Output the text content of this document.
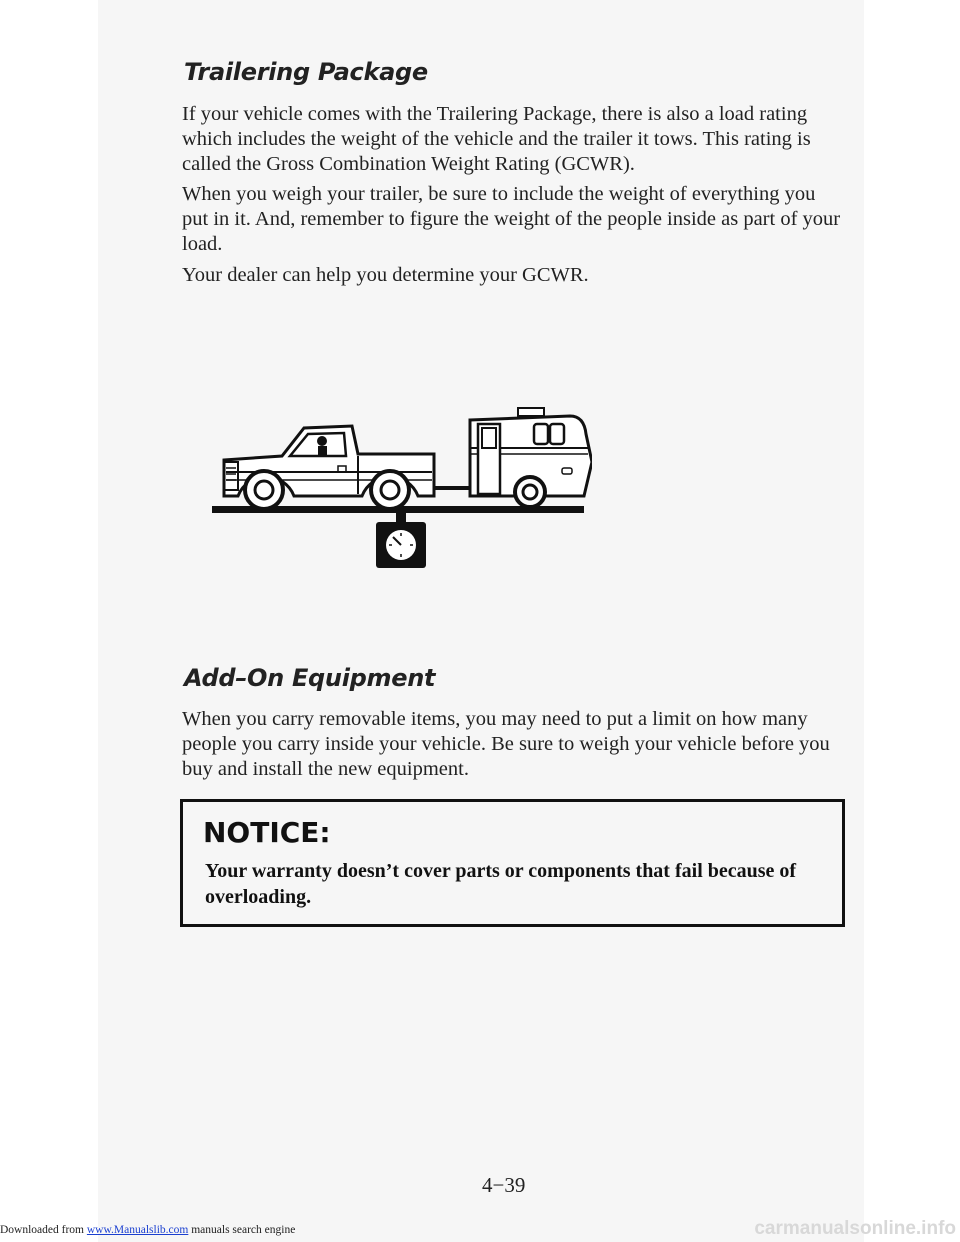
Trailering Package

If your vehicle comes with the Trailering Package, there is also a load rating which includes the weight of the vehicle and the trailer it tows. This rating is called the Gross Combination Weight Rating (GCWR).

When you weigh your trailer, be sure to include the weight of everything you put in it. And, remember to figure the weight of the people inside as part of your load.

Your dealer can help you determine your GCWR.

Add–On Equipment

When you carry removable items, you may need to put a limit on how many people you carry inside your vehicle. Be sure to weigh your vehicle before you buy and install the new equipment.

NOTICE:

Your warranty doesn’t cover parts or components that fail because of overloading.

4−39
Downloaded from www.Manualslib.com manuals search engine	carmanualsonline.info
